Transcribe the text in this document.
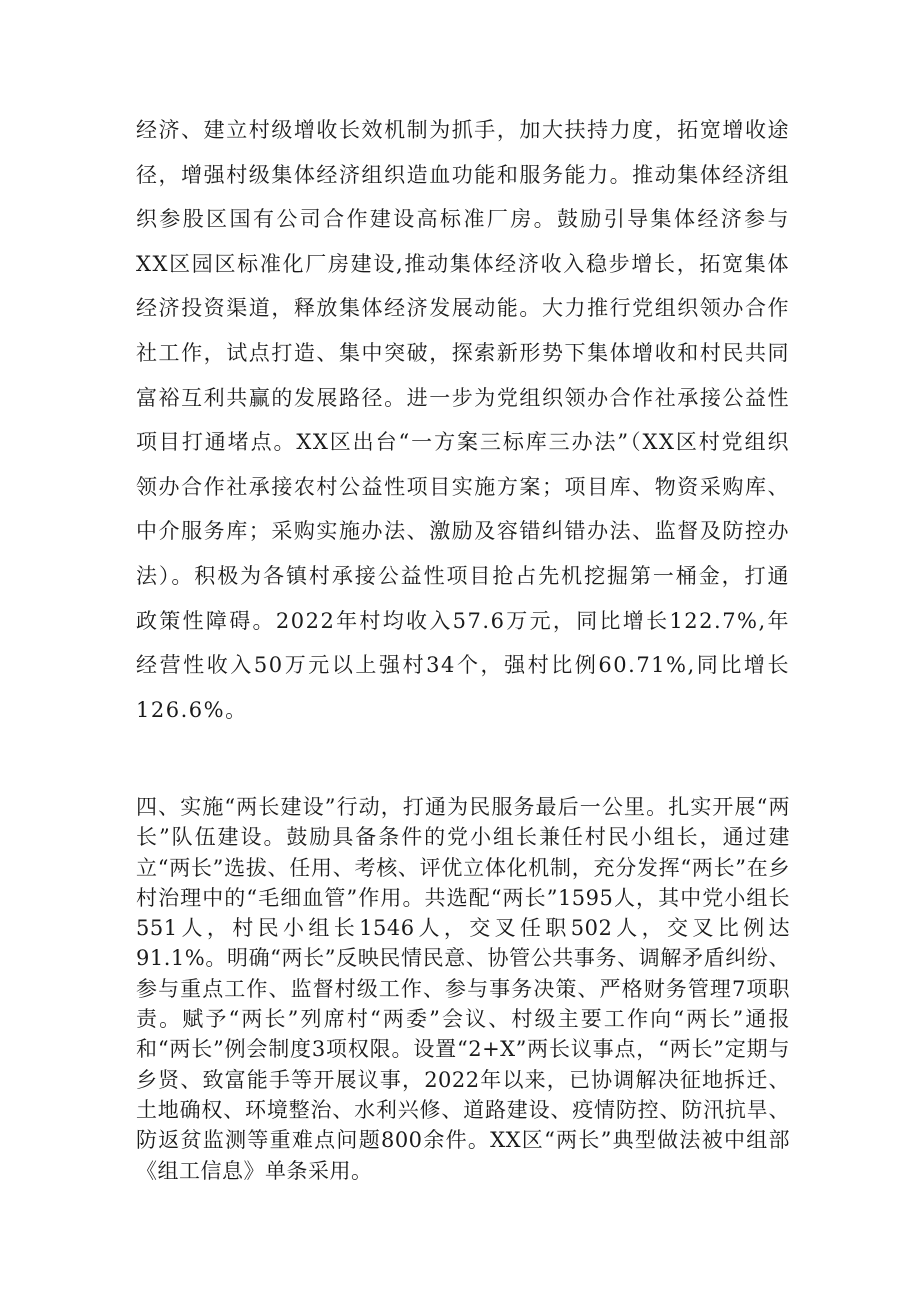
经济、建立村级增收长效机制为抓手，加大扶持力度，拓宽增收途径，增强村级集体经济组织造血功能和服务能力。推动集体经济组织参股区国有公司合作建设高标准厂房。鼓励引导集体经济参与XX区园区标准化厂房建设,推动集体经济收入稳步增长，拓宽集体经济投资渠道，释放集体经济发展动能。大力推行党组织领办合作社工作，试点打造、集中突破，探索新形势下集体增收和村民共同富裕互利共赢的发展路径。进一步为党组织领办合作社承接公益性项目打通堵点。XX区出台“一方案三标库三办法”（XX区村党组织领办合作社承接农村公益性项目实施方案；项目库、物资采购库、中介服务库；采购实施办法、激励及容错纠错办法、监督及防控办法）。积极为各镇村承接公益性项目抢占先机挖掘第一桶金，打通政策性障碍。2022年村均收入57.6万元，同比增长122.7%,年经营性收入50万元以上强村34个，强村比例60.71%,同比增长126.6%。

四、实施“两长建设”行动，打通为民服务最后一公里。扎实开展“两长”队伍建设。鼓励具备条件的党小组长兼任村民小组长，通过建立“两长”选拔、任用、考核、评优立体化机制，充分发挥“两长”在乡村治理中的“毛细血管”作用。共选配“两长”1595人，其中党小组长551人，村民小组长1546人，交叉任职502人，交叉比例达91.1%。明确“两长”反映民情民意、协管公共事务、调解矛盾纠纷、参与重点工作、监督村级工作、参与事务决策、严格财务管理7项职责。赋予“两长”列席村“两委”会议、村级主要工作向“两长”通报和“两长”例会制度3项权限。设置“2+X”两长议事点，“两长”定期与乡贤、致富能手等开展议事，2022年以来，已协调解决征地拆迁、土地确权、环境整治、水利兴修、道路建设、疫情防控、防汛抗旱、防返贫监测等重难点问题800余件。XX区“两长”典型做法被中组部《组工信息》单条采用。
